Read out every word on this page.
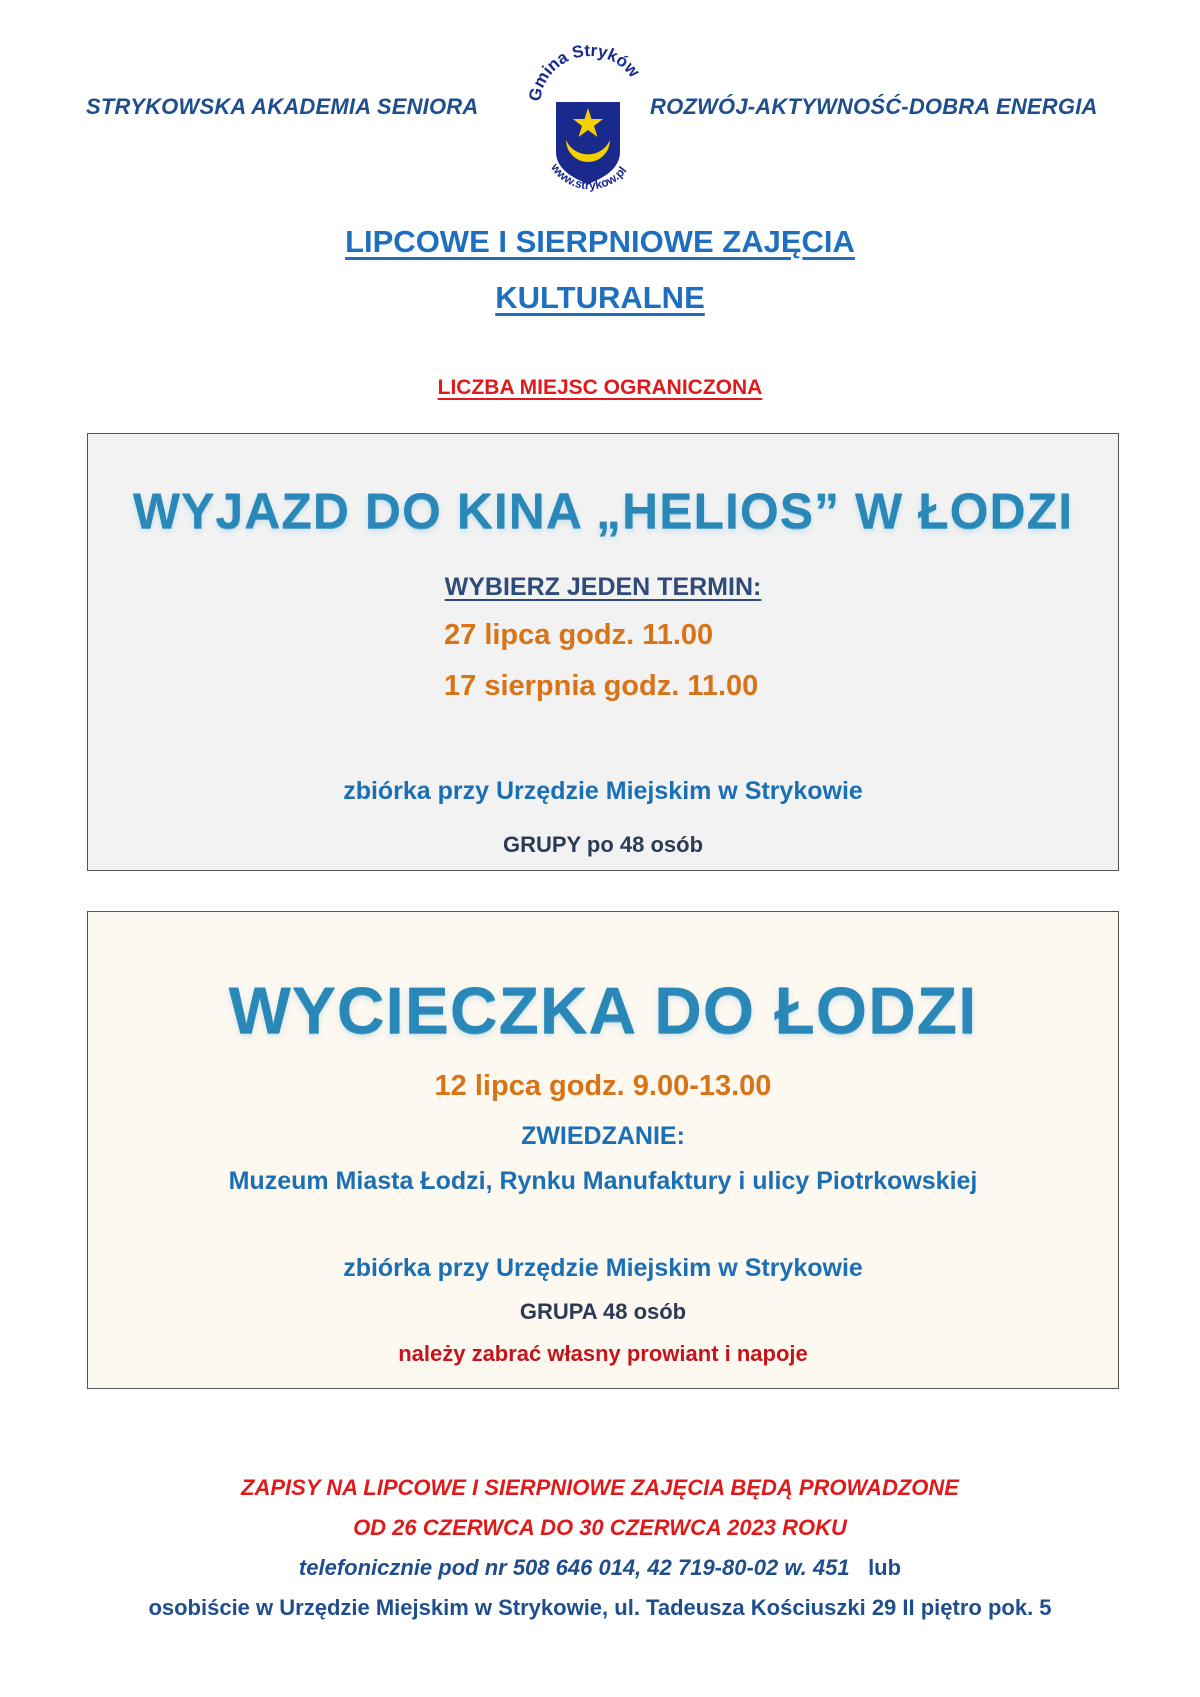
STRYKOWSKA AKADEMIA SENIORA	ROZWÓJ-AKTYWNOŚĆ-DOBRA ENERGIA
Gmina Stryków
www.strykow.pl
LIPCOWE I SIERPNIOWE ZAJĘCIA
KULTURALNE
LICZBA MIEJSC OGRANICZONA
WYJAZD DO KINA „HELIOS” W ŁODZI
WYBIERZ JEDEN TERMIN:
27 lipca godz. 11.00
17 sierpnia godz. 11.00
zbiórka przy Urzędzie Miejskim w Strykowie
GRUPY po 48 osób
WYCIECZKA DO ŁODZI
12 lipca godz. 9.00-13.00
ZWIEDZANIE:
Muzeum Miasta Łodzi, Rynku Manufaktury i ulicy Piotrkowskiej
zbiórka przy Urzędzie Miejskim w Strykowie
GRUPA 48 osób
należy zabrać własny prowiant i napoje
ZAPISY NA LIPCOWE I SIERPNIOWE ZAJĘCIA BĘDĄ PROWADZONE
OD 26 CZERWCA DO 30 CZERWCA 2023 ROKU
telefonicznie pod nr 508 646 014, 42 719-80-02 w. 451 lub
osobiście w Urzędzie Miejskim w Strykowie, ul. Tadeusza Kościuszki 29 II piętro pok. 5
